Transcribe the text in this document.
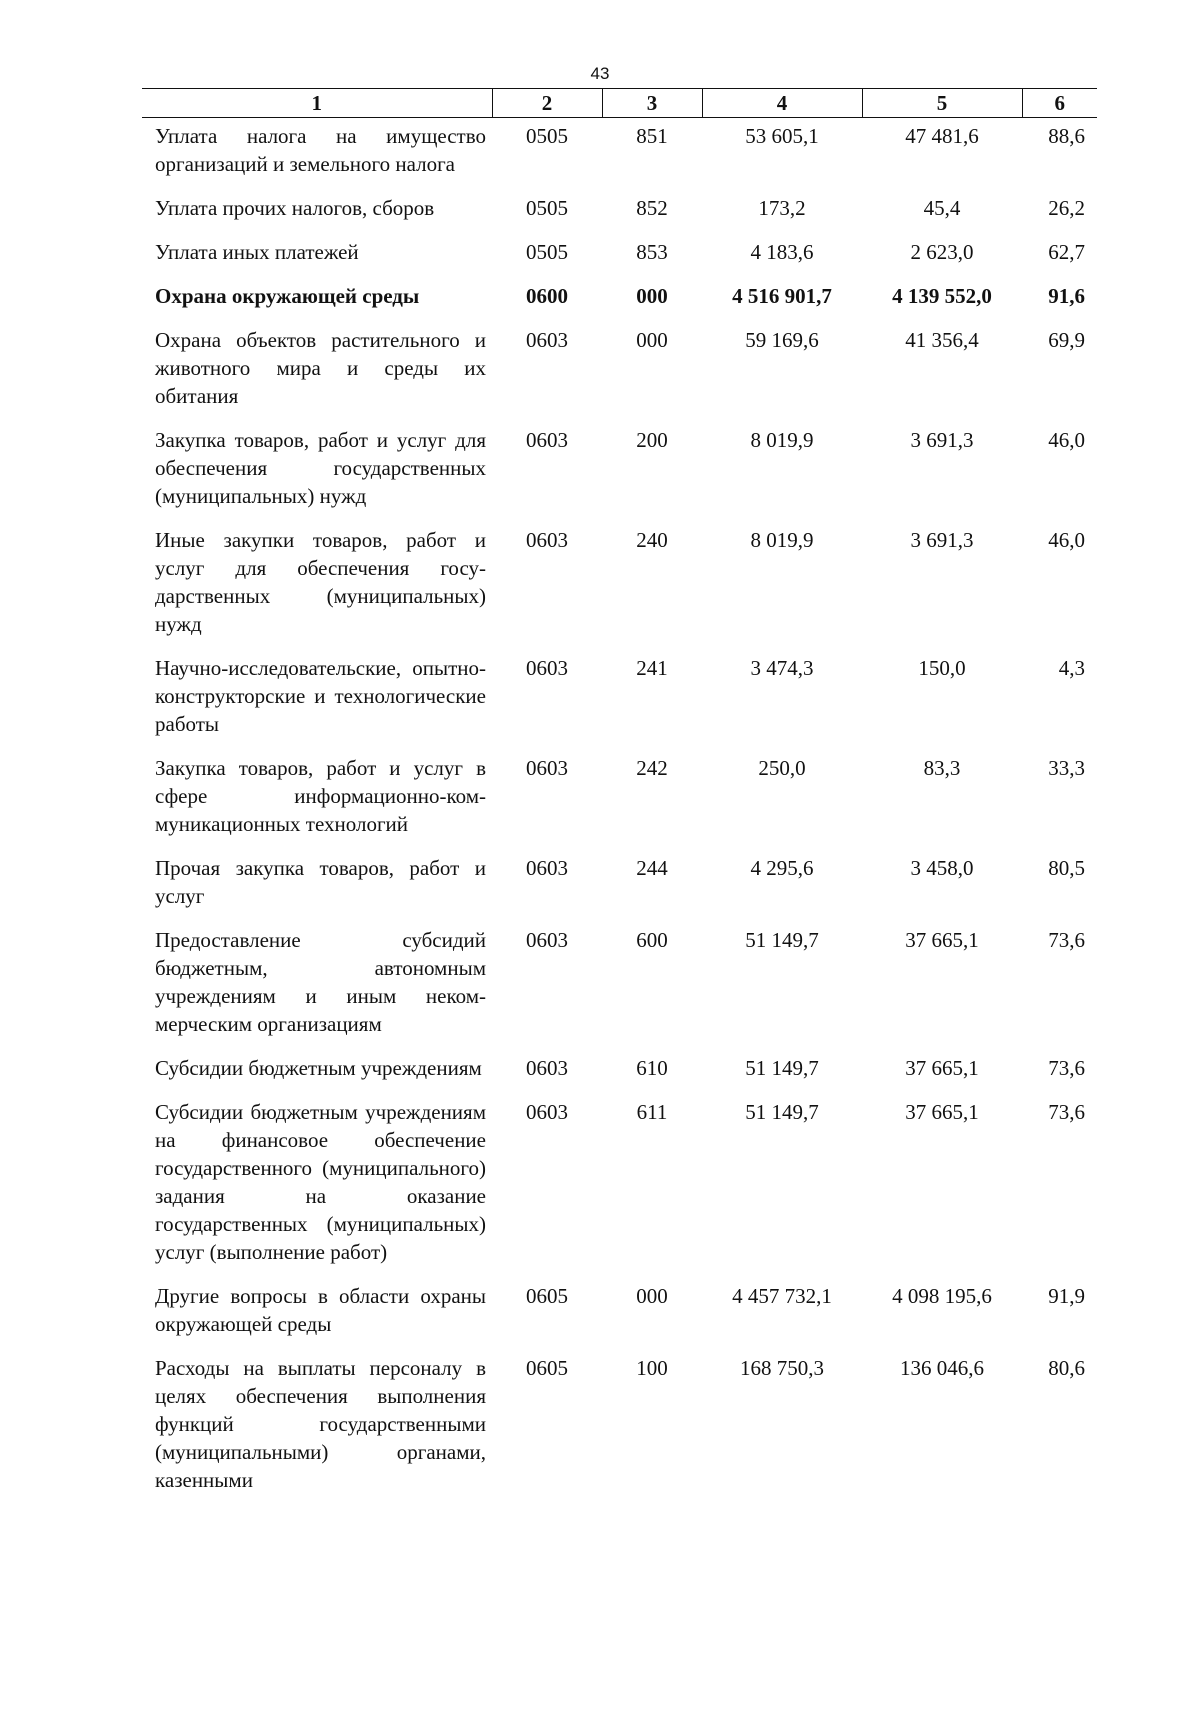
43
1	2	3	4	5	6
Уплата налога на имущество организаций и земельного налога	0505	851	53 605,1	47 481,6	88,6
Уплата прочих налогов, сборов	0505	852	173,2	45,4	26,2
Уплата иных платежей	0505	853	4 183,6	2 623,0	62,7
Охрана окружающей среды	0600	000	4 516 901,7	4 139 552,0	91,6
Охрана объектов растительного и животного мира и среды их обитания	0603	000	59 169,6	41 356,4	69,9
Закупка товаров, работ и услуг для обеспечения государственных (муниципальных) нужд	0603	200	8 019,9	3 691,3	46,0
Иные закупки товаров, работ и услуг для обеспечения государственных (муниципальных) нужд	0603	240	8 019,9	3 691,3	46,0
Научно-исследовательские, опытно-конструкторские и технологические работы	0603	241	3 474,3	150,0	4,3
Закупка товаров, работ и услуг в сфере информационно-коммуникационных технологий	0603	242	250,0	83,3	33,3
Прочая закупка товаров, работ и услуг	0603	244	4 295,6	3 458,0	80,5
Предоставление субсидий бюджетным, автономным учреждениям и иным некоммерческим организациям	0603	600	51 149,7	37 665,1	73,6
Субсидии бюджетным учреждениям	0603	610	51 149,7	37 665,1	73,6
Субсидии бюджетным учреждениям на финансовое обеспечение государственного (муниципального) задания на оказание государственных (муниципальных) услуг (выполнение работ)	0603	611	51 149,7	37 665,1	73,6
Другие вопросы в области охраны окружающей среды	0605	000	4 457 732,1	4 098 195,6	91,9
Расходы на выплаты персоналу в целях обеспечения выполнения функций государственными (муниципальными) органами, казенными	0605	100	168 750,3	136 046,6	80,6
